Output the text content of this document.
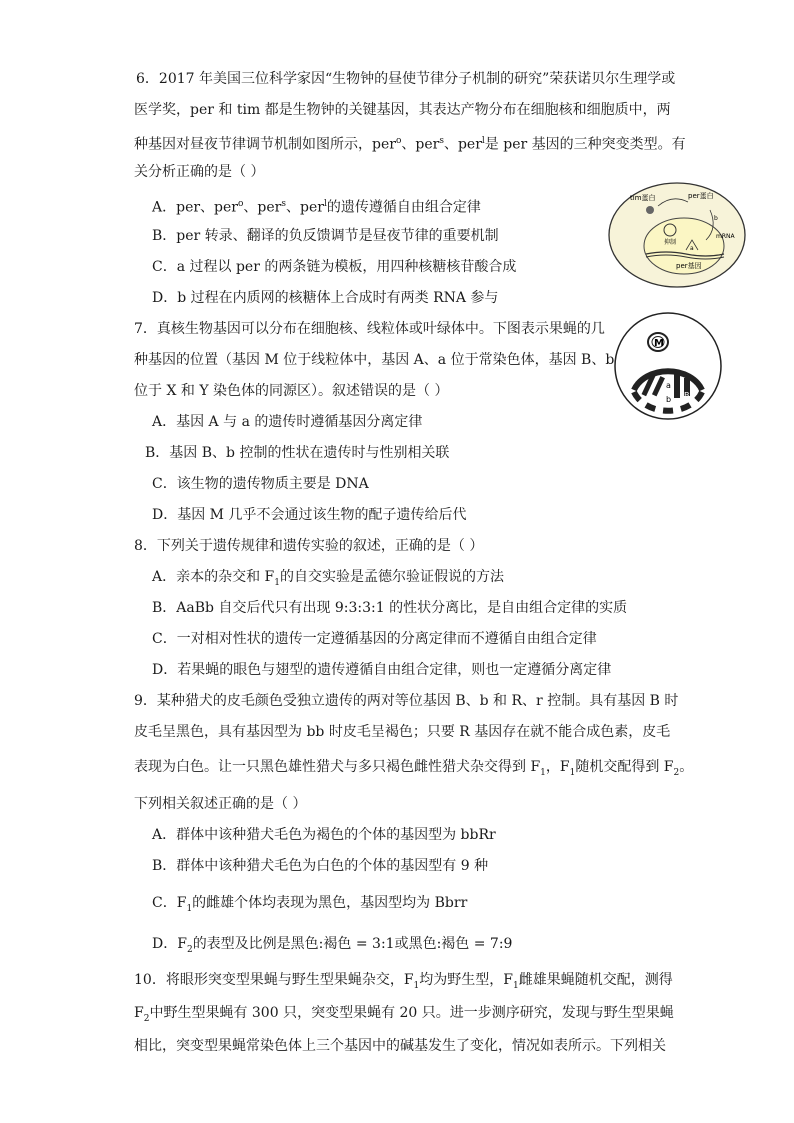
6．2017 年美国三位科学家因“生物钟的昼使节律分子机制的研究”荣获诺贝尔生理学或
医学奖，per 和 tim 都是生物钟的关键基因，其表达产物分布在细胞核和细胞质中，两
种基因对昼夜节律调节机制如图所示，per$^o$、per$^s$、per$^l$是 per 基因的三种突变类型。有
关分析正确的是（ ）
A．per、per$^o$、per$^s$、per$^l$的遗传遵循自由组合定律
B．per 转录、翻译的负反馈调节是昼夜节律的重要机制
C．a 过程以 per 的两条链为模板，用四种核糖核苷酸合成
D．b 过程在内质网的核糖体上合成时有两类 RNA 参与
tim蛋白	per蛋白
抑制
mRNA
per基因
a
b
7．真核生物基因可以分布在细胞核、线粒体或叶绿体中。下图表示果蝇的几
种基因的位置（基因 M 位于线粒体中，基因 A、a 位于常染色体，基因 B、b
位于 X 和 Y 染色体的同源区）。叙述错误的是（ ）
A．基因 A 与 a 的遗传时遵循基因分离定律
B．基因 B、b 控制的性状在遗传时与性别相关联
C．该生物的遗传物质主要是 DNA
D．基因 M 几乎不会通过该生物的配子遗传给后代
M
a
b B
8．下列关于遗传规律和遗传实验的叙述，正确的是（ ）
A．亲本的杂交和 $F_1$的自交实验是孟德尔验证假说的方法
B．AaBb 自交后代只有出现 9:3:3:1 的性状分离比，是自由组合定律的实质
C．一对相对性状的遗传一定遵循基因的分离定律而不遵循自由组合定律
D．若果蝇的眼色与翅型的遗传遵循自由组合定律，则也一定遵循分离定律
9．某种猎犬的皮毛颜色受独立遗传的两对等位基因 B、b 和 R、r 控制。具有基因 B 时
皮毛呈黑色，具有基因型为 bb 时皮毛呈褐色；只要 R 基因存在就不能合成色素，皮毛
表现为白色。让一只黑色雄性猎犬与多只褐色雌性猎犬杂交得到 $F_1$，$F_1$随机交配得到 $F_2$。
下列相关叙述正确的是（ ）
A．群体中该种猎犬毛色为褐色的个体的基因型为 bbRr
B．群体中该种猎犬毛色为白色的个体的基因型有 9 种
C．$F_1$的雌雄个体均表现为黑色，基因型均为 Bbrr
D．$F_2$的表型及比例是黑色:褐色 = 3:1或黑色:褐色 = 7:9
10．将眼形突变型果蝇与野生型果蝇杂交，$F_1$均为野生型，$F_1$雌雄果蝇随机交配，测得
$F_2$中野生型果蝇有 300 只，突变型果蝇有 20 只。进一步测序研究，发现与野生型果蝇
相比，突变型果蝇常染色体上三个基因中的碱基发生了变化，情况如表所示。下列相关
